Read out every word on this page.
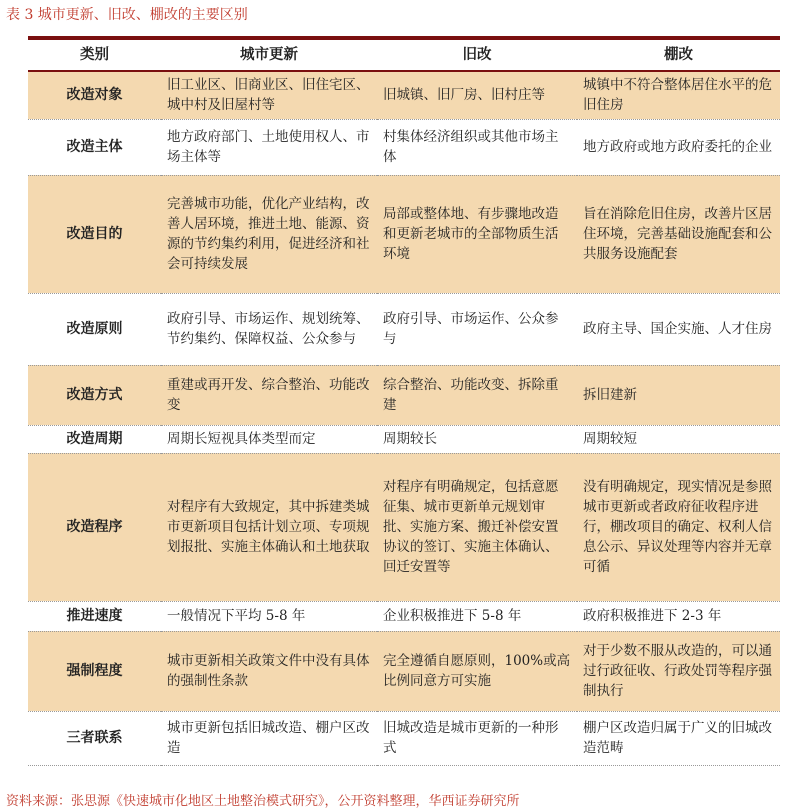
表 3 城市更新、旧改、棚改的主要区别
类别	城市更新	旧改	棚改
改造对象	旧工业区、旧商业区、旧住宅区、城中村及旧屋村等	旧城镇、旧厂房、旧村庄等	城镇中不符合整体居住水平的危旧住房
改造主体	地方政府部门、土地使用权人、市场主体等	村集体经济组织或其他市场主体	地方政府或地方政府委托的企业
改造目的	完善城市功能，优化产业结构，改善人居环境，推进土地、能源、资源的节约集约利用，促进经济和社会可持续发展	局部或整体地、有步骤地改造和更新老城市的全部物质生活环境	旨在消除危旧住房，改善片区居住环境，完善基础设施配套和公共服务设施配套
改造原则	政府引导、市场运作、规划统筹、节约集约、保障权益、公众参与	政府引导、市场运作、公众参与	政府主导、国企实施、人才住房
改造方式	重建或再开发、综合整治、功能改变	综合整治、功能改变、拆除重建	拆旧建新
改造周期	周期长短视具体类型而定	周期较长	周期较短
改造程序	对程序有大致规定，其中拆建类城市更新项目包括计划立项、专项规划报批、实施主体确认和土地获取	对程序有明确规定，包括意愿征集、城市更新单元规划审批、实施方案、搬迁补偿安置协议的签订、实施主体确认、回迁安置等	没有明确规定，现实情况是参照城市更新或者政府征收程序进行，棚改项目的确定、权利人信息公示、异议处理等内容并无章可循
推进速度	一般情况下平均 5-8 年	企业积极推进下 5-8 年	政府积极推进下 2-3 年
强制程度	城市更新相关政策文件中没有具体的强制性条款	完全遵循自愿原则，100%或高比例同意方可实施	对于少数不服从改造的，可以通过行政征收、行政处罚等程序强制执行
三者联系	城市更新包括旧城改造、棚户区改造	旧城改造是城市更新的一种形式	棚户区改造归属于广义的旧城改造范畴
资料来源：张思源《快速城市化地区土地整治模式研究》，公开资料整理，华西证券研究所
